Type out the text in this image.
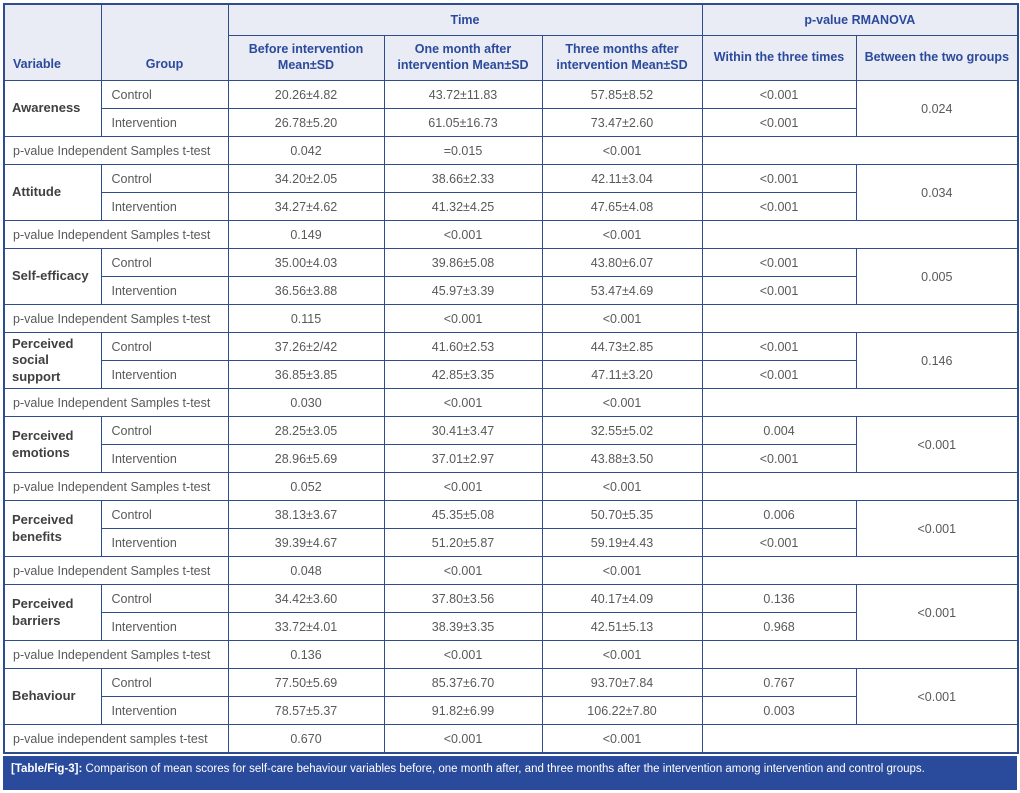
Variable	Group	Time			p-value RMANOVA	
		Before intervention Mean±SD	One month after intervention Mean±SD	Three months after intervention Mean±SD	Within the three times	Between the two groups
Awareness	Control	20.26±4.82	43.72±11.83	57.85±8.52	<0.001	0.024
	Intervention	26.78±5.20	61.05±16.73	73.47±2.60	<0.001	
p-value Independent Samples t-test		0.042	=0.015	<0.001		
Attitude	Control	34.20±2.05	38.66±2.33	42.11±3.04	<0.001	0.034
	Intervention	34.27±4.62	41.32±4.25	47.65±4.08	<0.001	
p-value Independent Samples t-test		0.149	<0.001	<0.001		
Self-efficacy	Control	35.00±4.03	39.86±5.08	43.80±6.07	<0.001	0.005
	Intervention	36.56±3.88	45.97±3.39	53.47±4.69	<0.001	
p-value Independent Samples t-test		0.115	<0.001	<0.001		
Perceived social support	Control	37.26±2/42	41.60±2.53	44.73±2.85	<0.001	0.146
	Intervention	36.85±3.85	42.85±3.35	47.11±3.20	<0.001	
p-value Independent Samples t-test		0.030	<0.001	<0.001		
Perceived emotions	Control	28.25±3.05	30.41±3.47	32.55±5.02	0.004	<0.001
	Intervention	28.96±5.69	37.01±2.97	43.88±3.50	<0.001	
p-value Independent Samples t-test		0.052	<0.001	<0.001		
Perceived benefits	Control	38.13±3.67	45.35±5.08	50.70±5.35	0.006	<0.001
	Intervention	39.39±4.67	51.20±5.87	59.19±4.43	<0.001	
p-value Independent Samples t-test		0.048	<0.001	<0.001		
Perceived barriers	Control	34.42±3.60	37.80±3.56	40.17±4.09	0.136	<0.001
	Intervention	33.72±4.01	38.39±3.35	42.51±5.13	0.968	
p-value Independent Samples t-test		0.136	<0.001	<0.001		
Behaviour	Control	77.50±5.69	85.37±6.70	93.70±7.84	0.767	<0.001
	Intervention	78.57±5.37	91.82±6.99	106.22±7.80	0.003	
p-value independent samples t-test		0.670	<0.001	<0.001		
[Table/Fig-3]: Comparison of mean scores for self-care behaviour variables before, one month after, and three months after the intervention among intervention and control groups.
